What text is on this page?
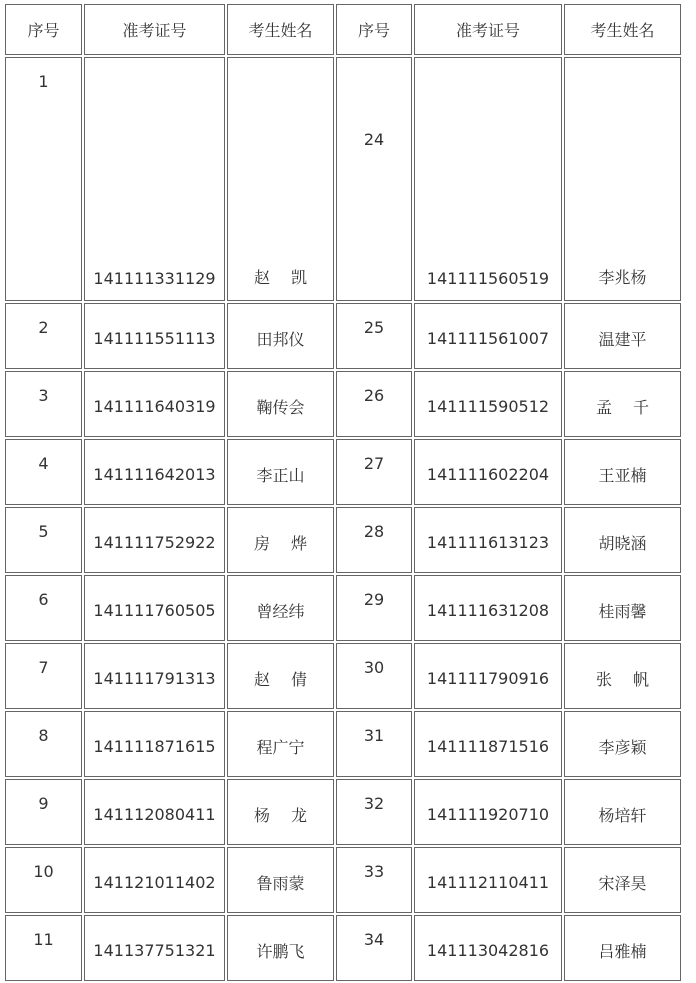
序号	准考证号	考生姓名	序号	准考证号	考生姓名
1	141111331129	赵　 凯	24	141111560519	李兆杨
2	141111551113	田邦仪	25	141111561007	温建平
3	141111640319	鞠传会	26	141111590512	孟　 千
4	141111642013	李正山	27	141111602204	王亚楠
5	141111752922	房　 烨	28	141111613123	胡晓涵
6	141111760505	曾经纬	29	141111631208	桂雨馨
7	141111791313	赵　 倩	30	141111790916	张　 帆
8	141111871615	程广宁	31	141111871516	李彦颖
9	141112080411	杨　 龙	32	141111920710	杨培轩
10	141121011402	鲁雨蒙	33	141112110411	宋泽昊
11	141137751321	许鹏飞	34	141113042816	吕雅楠
